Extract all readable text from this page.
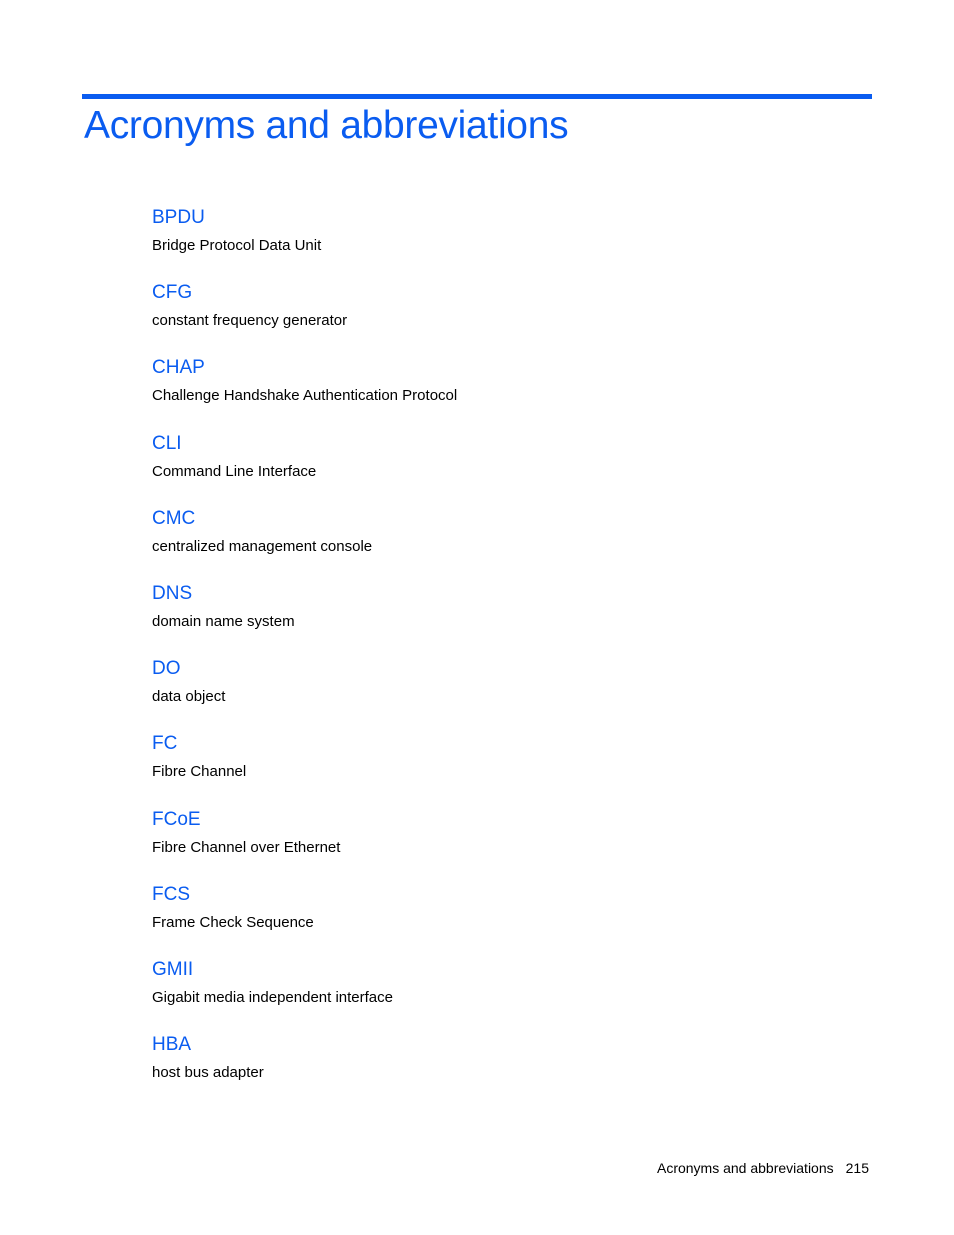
Acronyms and abbreviations
BPDU

Bridge Protocol Data Unit

CFG

constant frequency generator

CHAP

Challenge Handshake Authentication Protocol

CLI

Command Line Interface

CMC

centralized management console

DNS

domain name system

DO

data object

FC

Fibre Channel

FCoE

Fibre Channel over Ethernet

FCS

Frame Check Sequence

GMII

Gigabit media independent interface

HBA

host bus adapter

Acronyms and abbreviations 215
